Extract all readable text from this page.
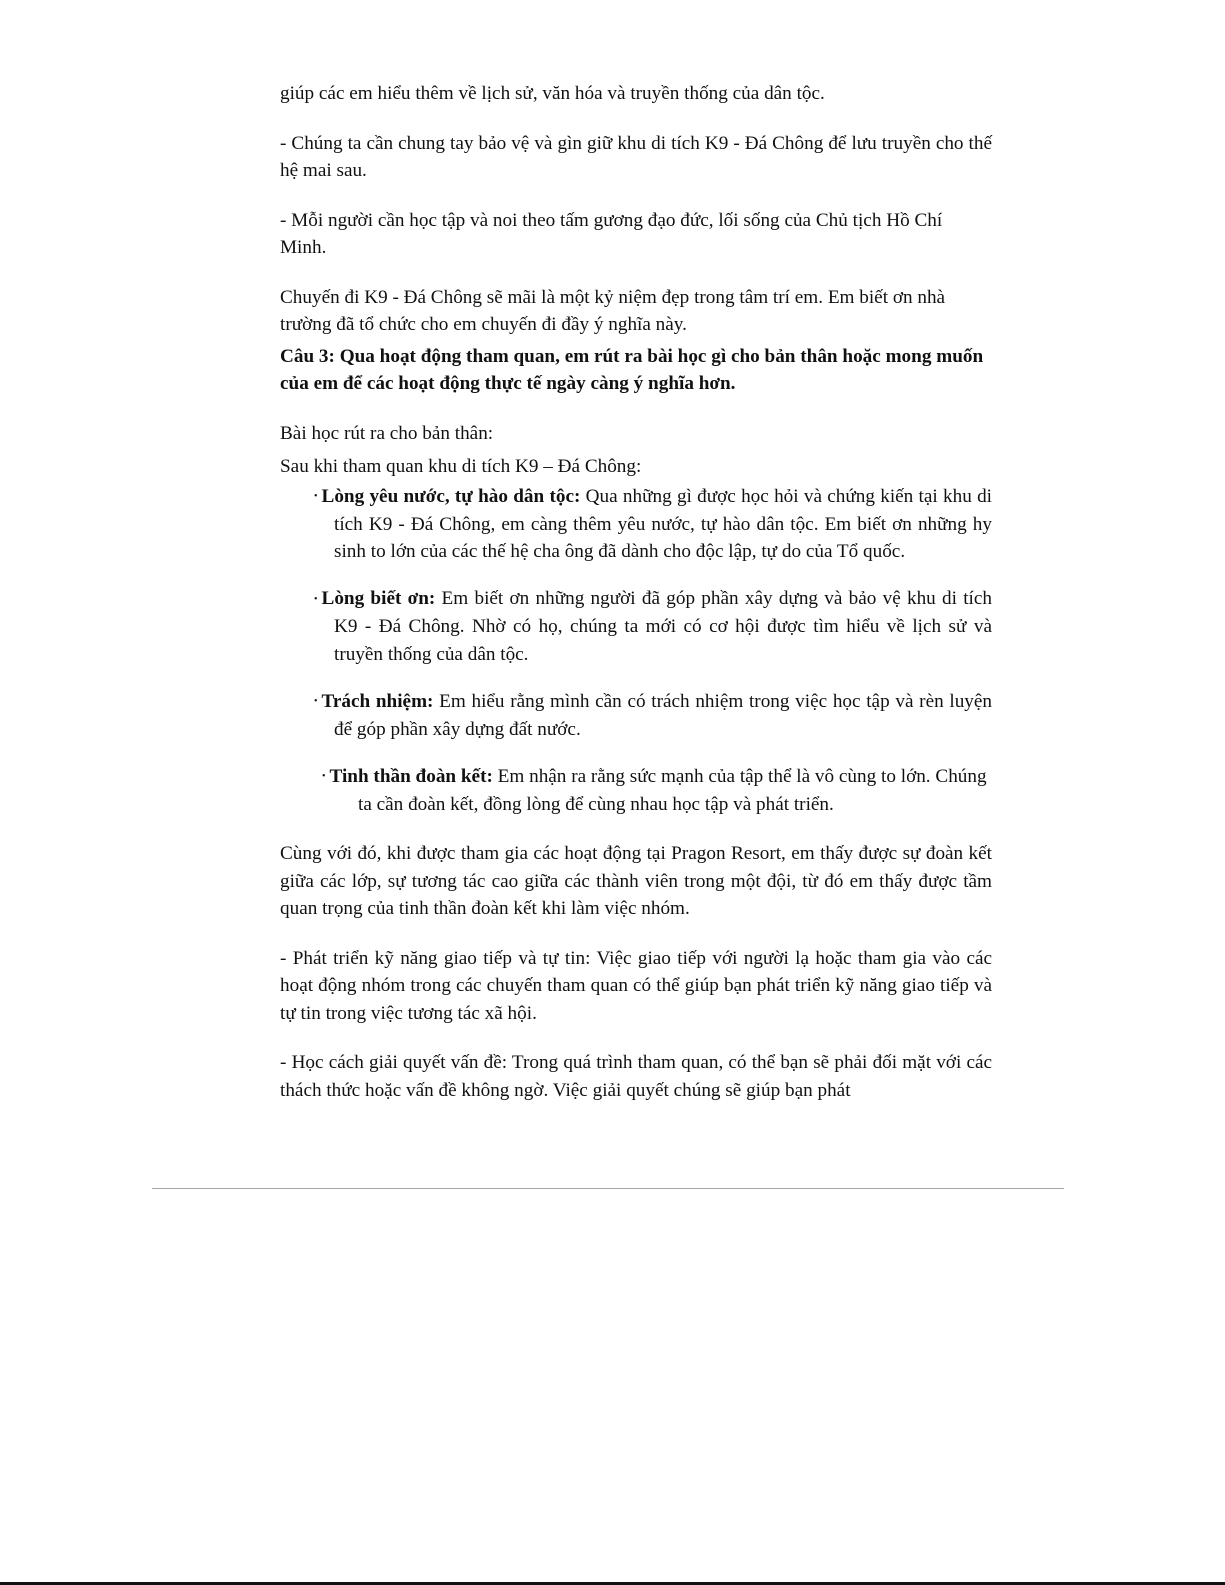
giúp các em hiểu thêm về lịch sử, văn hóa và truyền thống của dân tộc.

- Chúng ta cần chung tay bảo vệ và gìn giữ khu di tích K9 - Đá Chông để lưu truyền cho thế hệ mai sau.

- Mỗi người cần học tập và noi theo tấm gương đạo đức, lối sống của Chủ tịch Hồ Chí Minh.

Chuyến đi K9 - Đá Chông sẽ mãi là một kỷ niệm đẹp trong tâm trí em. Em biết ơn nhà trường đã tổ chức cho em chuyến đi đầy ý nghĩa này.

Câu 3: Qua hoạt động tham quan, em rút ra bài học gì cho bản thân hoặc mong muốn của em để các hoạt động thực tế ngày càng ý nghĩa hơn.

Bài học rút ra cho bản thân:

Sau khi tham quan khu di tích K9 – Đá Chông:

• Lòng yêu nước, tự hào dân tộc: Qua những gì được học hỏi và chứng kiến tại khu di tích K9 - Đá Chông, em càng thêm yêu nước, tự hào dân tộc. Em biết ơn những hy sinh to lớn của các thế hệ cha ông đã dành cho độc lập, tự do của Tổ quốc.

• Lòng biết ơn: Em biết ơn những người đã góp phần xây dựng và bảo vệ khu di tích K9 - Đá Chông. Nhờ có họ, chúng ta mới có cơ hội được tìm hiểu về lịch sử và truyền thống của dân tộc.

• Trách nhiệm: Em hiểu rằng mình cần có trách nhiệm trong việc học tập và rèn luyện để góp phần xây dựng đất nước.

• Tinh thần đoàn kết: Em nhận ra rằng sức mạnh của tập thể là vô cùng to lớn. Chúng ta cần đoàn kết, đồng lòng để cùng nhau học tập và phát triển.

Cùng với đó, khi được tham gia các hoạt động tại Pragon Resort, em thấy được sự đoàn kết giữa các lớp, sự tương tác cao giữa các thành viên trong một đội, từ đó em thấy được tầm quan trọng của tinh thần đoàn kết khi làm việc nhóm.

- Phát triển kỹ năng giao tiếp và tự tin: Việc giao tiếp với người lạ hoặc tham gia vào các hoạt động nhóm trong các chuyến tham quan có thể giúp bạn phát triển kỹ năng giao tiếp và tự tin trong việc tương tác xã hội.

- Học cách giải quyết vấn đề: Trong quá trình tham quan, có thể bạn sẽ phải đối mặt với các thách thức hoặc vấn đề không ngờ. Việc giải quyết chúng sẽ giúp bạn phát
